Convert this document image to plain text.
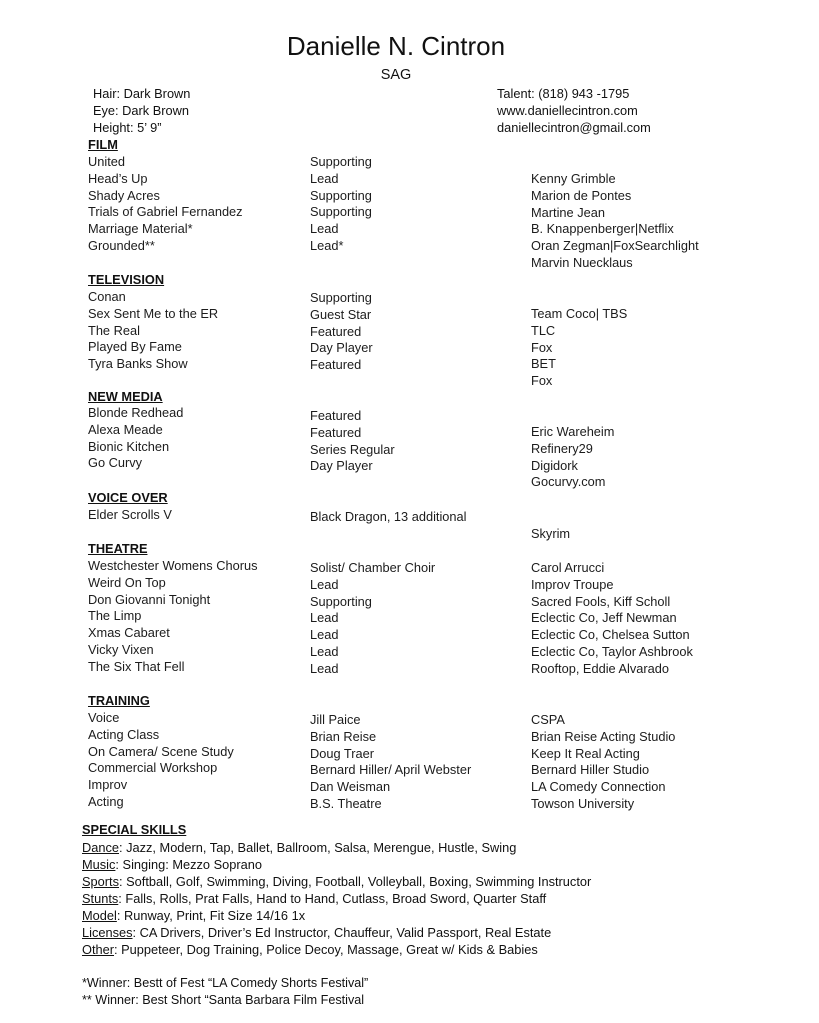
Danielle N. Cintron
SAG
Hair: Dark Brown
Eye: Dark Brown
Height: 5’ 9”
Talent: (818) 943 -1795
www.daniellecintron.com
daniellecintron@gmail.com
FILM
United
Head’s Up
Shady Acres
Trials of Gabriel Fernandez
Marriage Material*
Grounded**
Supporting
Lead
Supporting
Supporting
Lead
Lead*
Kenny Grimble
Marion de Pontes
Martine Jean
B. Knappenberger|Netflix
Oran Zegman|FoxSearchlight
Marvin Nuecklaus
TELEVISION
Conan
Sex Sent Me to the ER
The Real
Played By Fame
Tyra Banks Show
Supporting
Guest Star
Featured
Day Player
Featured
Team Coco| TBS
TLC
Fox
BET
Fox
NEW MEDIA
Blonde Redhead
Alexa Meade
Bionic Kitchen
Go Curvy
Featured
Featured
Series Regular
Day Player
Eric Wareheim
Refinery29
Digidork
Gocurvy.com
VOICE OVER
Elder Scrolls V	Black Dragon, 13 additional
Skyrim
THEATRE
Westchester Womens Chorus
Weird On Top
Don Giovanni Tonight
The Limp
Xmas Cabaret
Vicky Vixen
The Six That Fell
Solist/ Chamber Choir
Lead
Supporting
Lead
Lead
Lead
Lead
Carol Arrucci
Improv Troupe
Sacred Fools, Kiff Scholl
Eclectic Co, Jeff Newman
Eclectic Co, Chelsea Sutton
Eclectic Co, Taylor Ashbrook
Rooftop, Eddie Alvarado
TRAINING
Voice
Acting Class
On Camera/ Scene Study
Commercial Workshop
Improv
Acting
Jill Paice
Brian Reise
Doug Traer
Bernard Hiller/ April Webster
Dan Weisman
B.S. Theatre
CSPA
Brian Reise Acting Studio
Keep It Real Acting
Bernard Hiller Studio
LA Comedy Connection
Towson University
SPECIAL SKILLS
Dance: Jazz, Modern, Tap, Ballet, Ballroom, Salsa, Merengue, Hustle, Swing
Music: Singing: Mezzo Soprano
Sports: Softball, Golf, Swimming, Diving, Football, Volleyball, Boxing, Swimming Instructor
Stunts: Falls, Rolls, Prat Falls, Hand to Hand, Cutlass, Broad Sword, Quarter Staff
Model: Runway, Print, Fit Size 14/16 1x
Licenses: CA Drivers, Driver’s Ed Instructor, Chauffeur, Valid Passport, Real Estate
Other: Puppeteer, Dog Training, Police Decoy, Massage, Great w/ Kids & Babies
*Winner: Bestt of Fest “LA Comedy Shorts Festival”
** Winner: Best Short “Santa Barbara Film Festival
